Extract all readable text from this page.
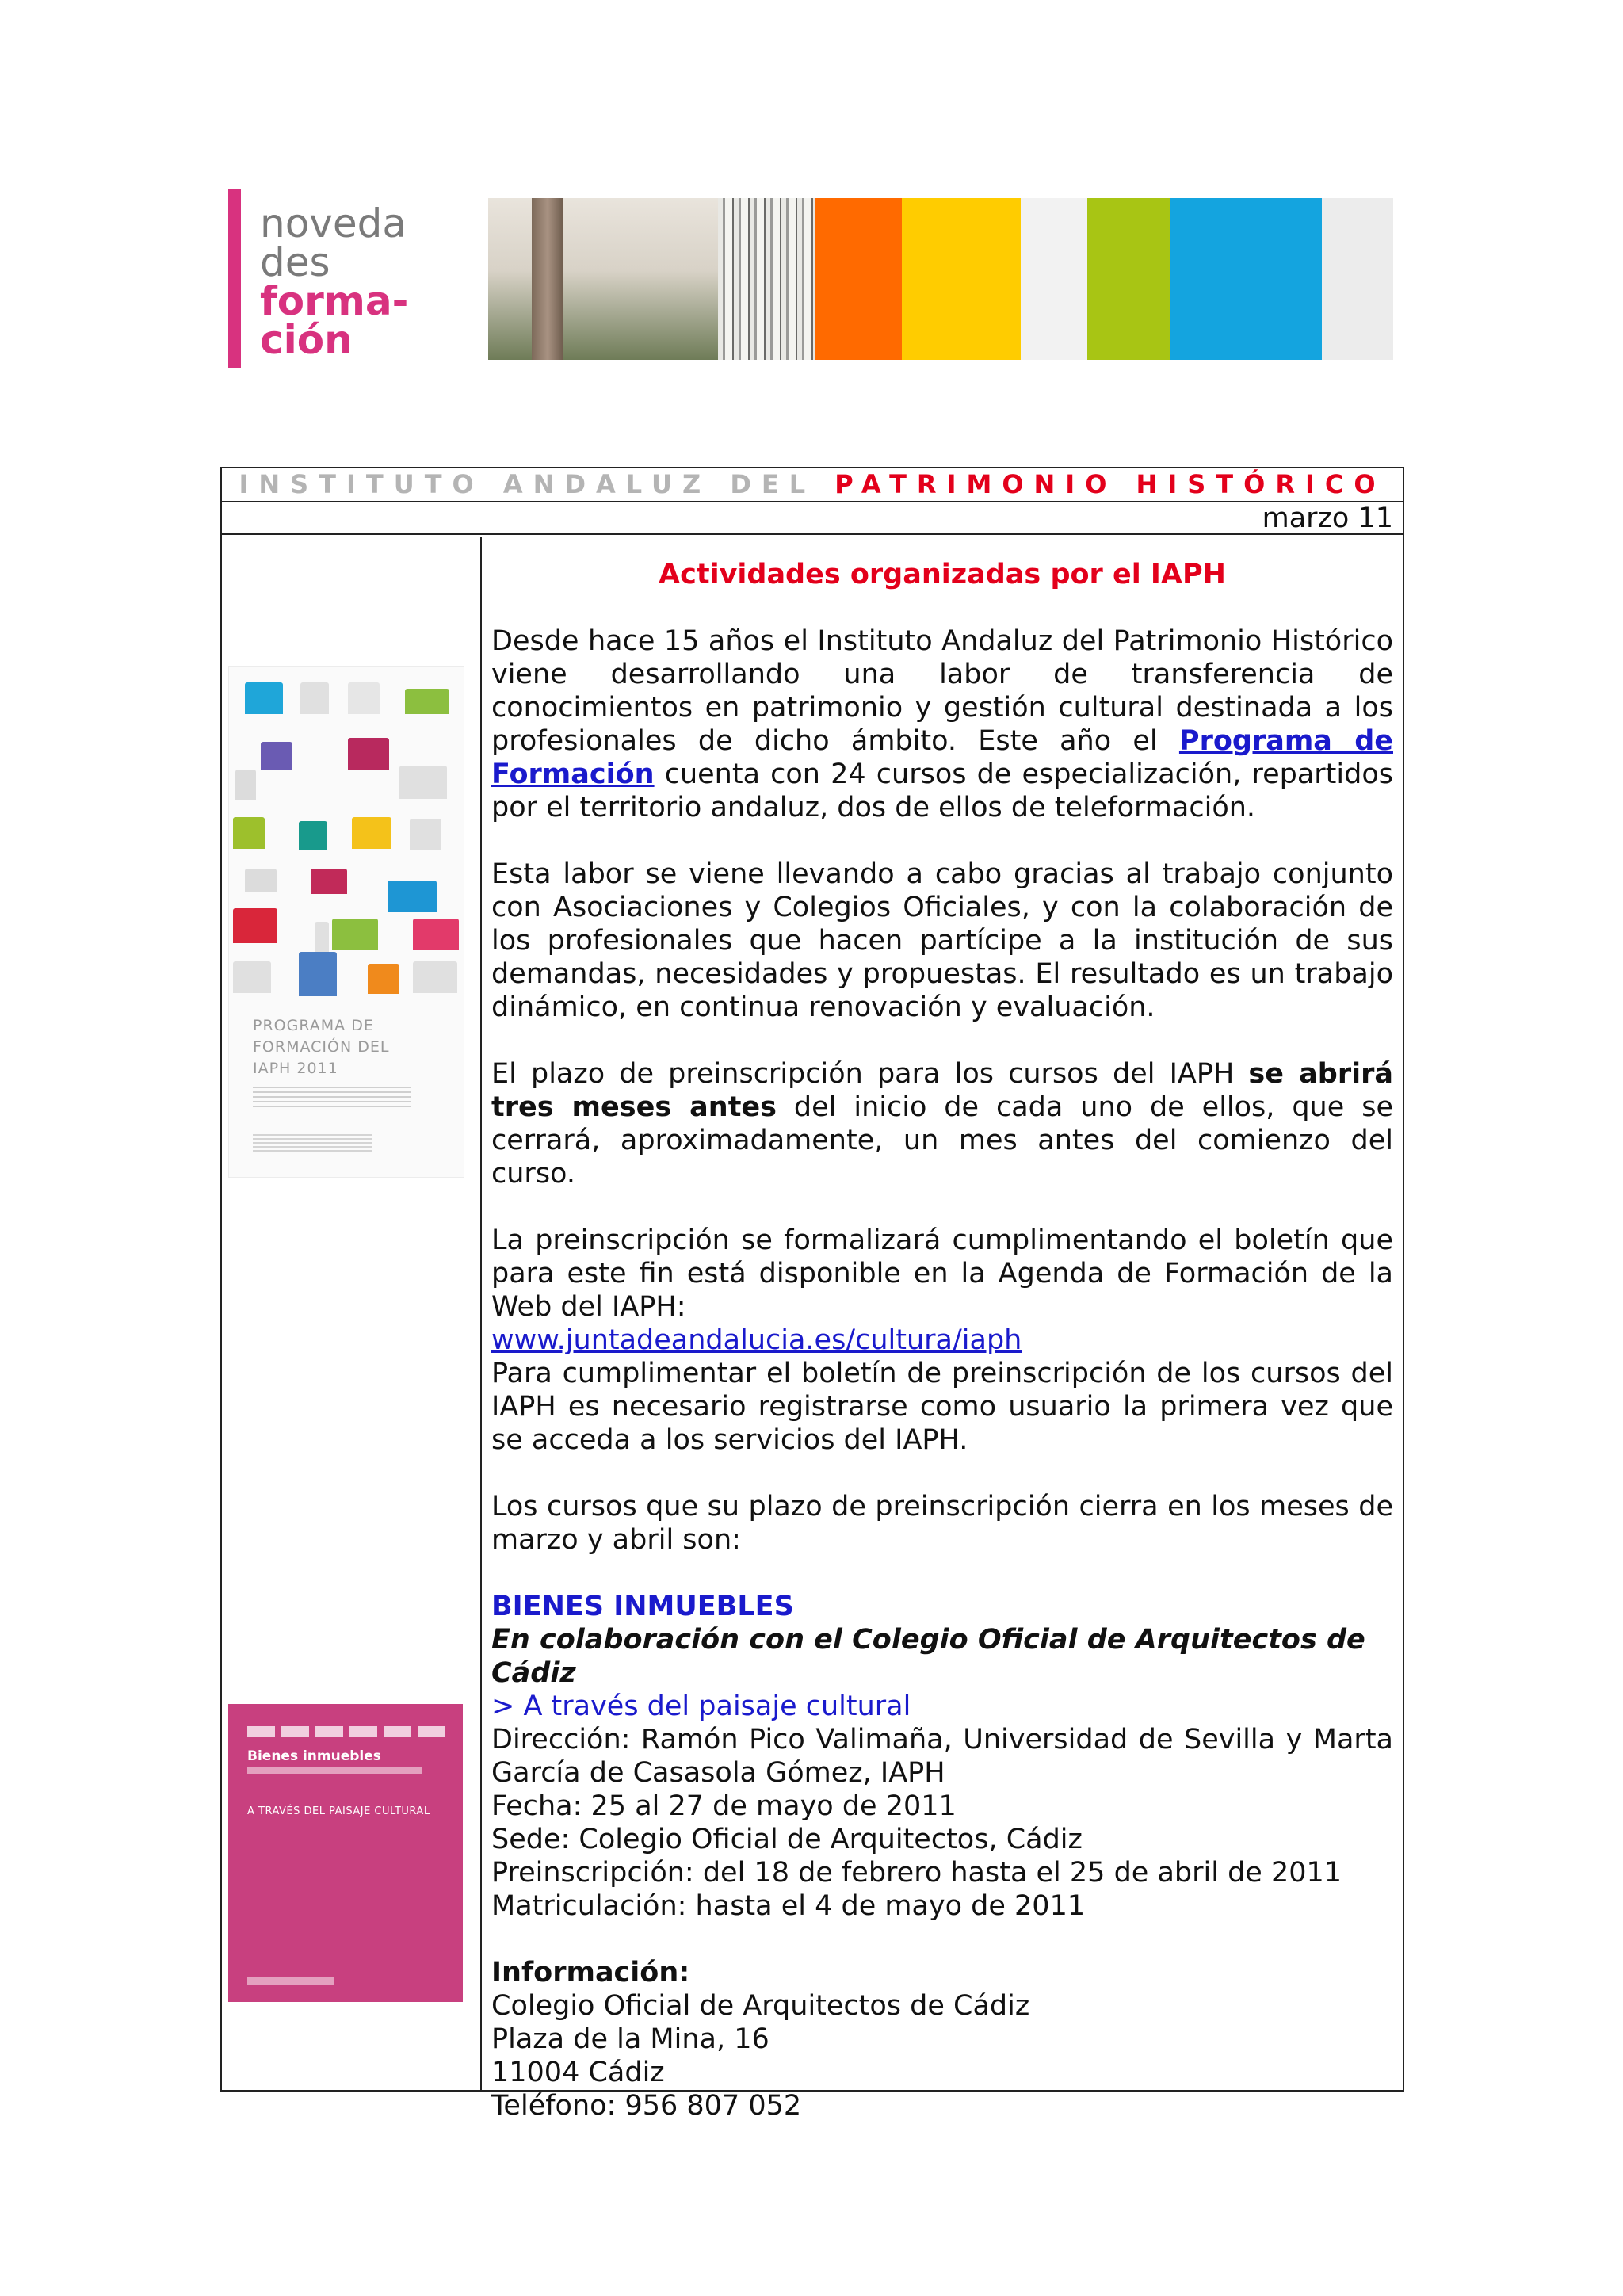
noveda
des
forma-
ción
INSTITUTO ANDALUZ DEL PATRIMONIO HISTÓRICO
marzo 11
Actividades organizadas por el IAPH

Desde hace 15 años el Instituto Andaluz del Patrimonio Histórico viene desarrollando una labor de transferencia de conocimientos en patrimonio y gestión cultural destinada a los profesionales de dicho ámbito. Este año el Programa de Formación cuenta con 24 cursos de especialización, repartidos por el territorio andaluz, dos de ellos de teleformación.

Esta labor se viene llevando a cabo gracias al trabajo conjunto con Asociaciones y Colegios Oficiales, y con la colaboración de los profesionales que hacen partícipe a la institución de sus demandas, necesidades y propuestas. El resultado es un trabajo dinámico, en continua renovación y evaluación.

El plazo de preinscripción para los cursos del IAPH se abrirá tres meses antes del inicio de cada uno de ellos, que se cerrará, aproximadamente, un mes antes del comienzo del curso.

La preinscripción se formalizará cumplimentando el boletín que para este fin está disponible en la Agenda de Formación de la Web del IAPH:

www.juntadeandalucia.es/cultura/iaph

Para cumplimentar el boletín de preinscripción de los cursos del IAPH es necesario registrarse como usuario la primera vez que se acceda a los servicios del IAPH.

Los cursos que su plazo de preinscripción cierra en los meses de marzo y abril son:

BIENES INMUEBLES
En colaboración con el Colegio Oficial de Arquitectos de Cádiz
> A través del paisaje cultural

Dirección: Ramón Pico Valimaña, Universidad de Sevilla y Marta García de Casasola Gómez, IAPH

Fecha: 25 al 27 de mayo de 2011
Sede: Colegio Oficial de Arquitectos, Cádiz
Preinscripción: del 18 de febrero hasta el 25 de abril de 2011
Matriculación: hasta el 4 de mayo de 2011
Información:
Colegio Oficial de Arquitectos de Cádiz
Plaza de la Mina, 16
11004 Cádiz
Teléfono: 956 807 052
PROGRAMA DE
FORMACIÓN DEL
IAPH 2011
Bienes inmuebles
A TRAVÉS DEL PAISAJE CULTURAL
